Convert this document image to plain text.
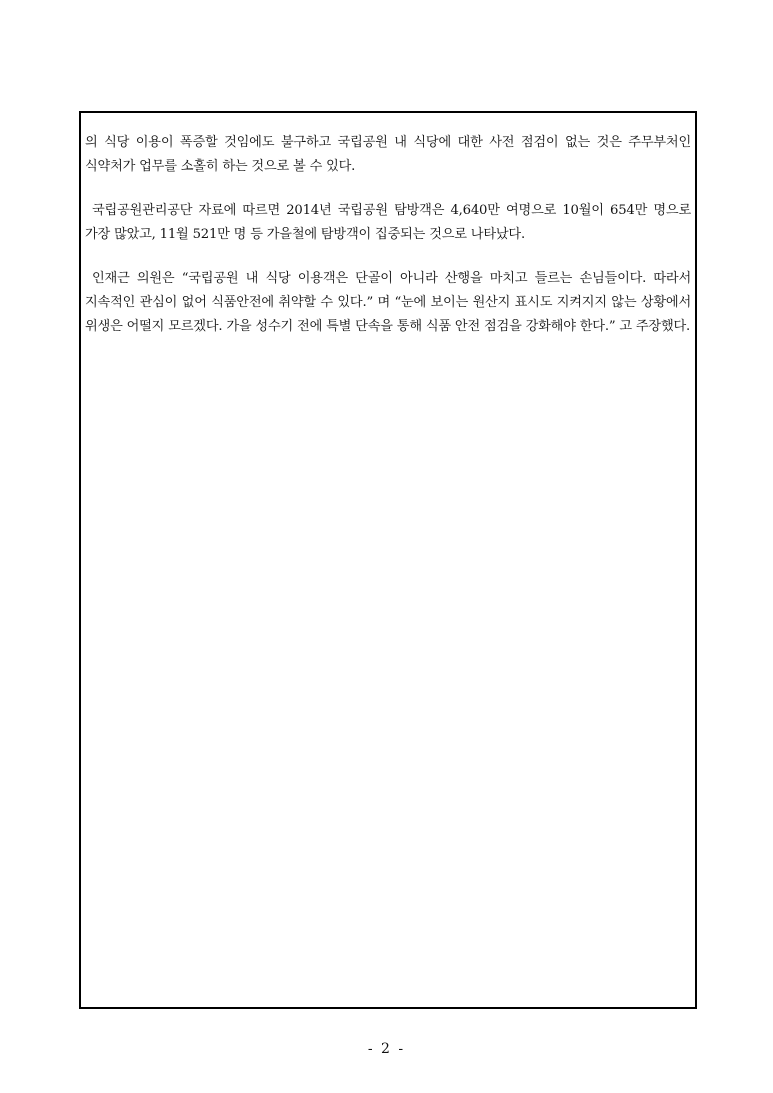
의 식당 이용이 폭증할 것임에도 불구하고 국립공원 내 식당에 대한 사전 점검이 없는 것은 주무부처인 식약처가 업무를 소홀히 하는 것으로 볼 수 있다.

국립공원관리공단 자료에 따르면 2014년 국립공원 탐방객은 4,640만 여명으로 10월이 654만 명으로 가장 많았고, 11월 521만 명 등 가을철에 탐방객이 집중되는 것으로 나타났다.

인재근 의원은 “국립공원 내 식당 이용객은 단골이 아니라 산행을 마치고 들르는 손님들이다. 따라서 지속적인 관심이 없어 식품안전에 취약할 수 있다.” 며 “눈에 보이는 원산지 표시도 지켜지지 않는 상황에서 위생은 어떨지 모르겠다. 가을 성수기 전에 특별 단속을 통해 식품 안전 점검을 강화해야 한다.” 고 주장했다.

- 2 -
